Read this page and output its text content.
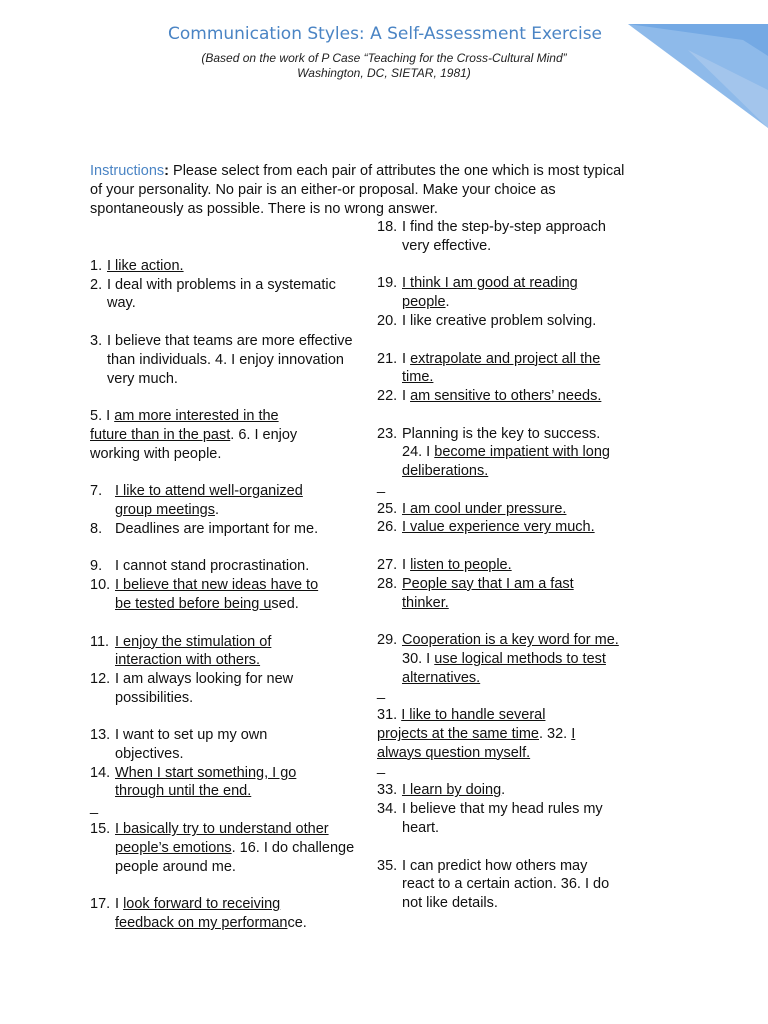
Communication Styles: A Self-Assessment Exercise
(Based on the work of P Case “Teaching for the Cross-Cultural Mind”
Washington, DC, SIETAR, 1981)
Instructions: Please select from each pair of attributes the one which is most typical of your personality. No pair is an either-or proposal. Make your choice as spontaneously as possible. There is no wrong answer.
1. I like action.
2. I deal with problems in a systematic way.
3. I believe that teams are more effective than individuals. 4. I enjoy innovation very much.
5. I am more interested in the future than in the past. 6. I enjoy working with people.
7. I like to attend well-organized group meetings.
8. Deadlines are important for me.
9. I cannot stand procrastination.
10. I believe that new ideas have to be tested before being used.
11. I enjoy the stimulation of interaction with others.
12. I am always looking for new possibilities.
13. I want to set up my own objectives.
14. When I start something, I go through until the end.
_
15. I basically try to understand other people’s emotions. 16. I do challenge people around me.
17. I look forward to receiving feedback on my performance.
18. I find the step-by-step approach very effective.
19. I think I am good at reading people.
20. I like creative problem solving.
21. I extrapolate and project all the time.
22. I am sensitive to others’ needs.
23. Planning is the key to success. 24. I become impatient with long deliberations.
_
25. I am cool under pressure.
26. I value experience very much.
27. I listen to people.
28. People say that I am a fast thinker.
29. Cooperation is a key word for me. 30. I use logical methods to test alternatives.
_
31. I like to handle several projects at the same time. 32. I always question myself.
_
33. I learn by doing.
34. I believe that my head rules my heart.
35. I can predict how others may react to a certain action. 36. I do not like details.
